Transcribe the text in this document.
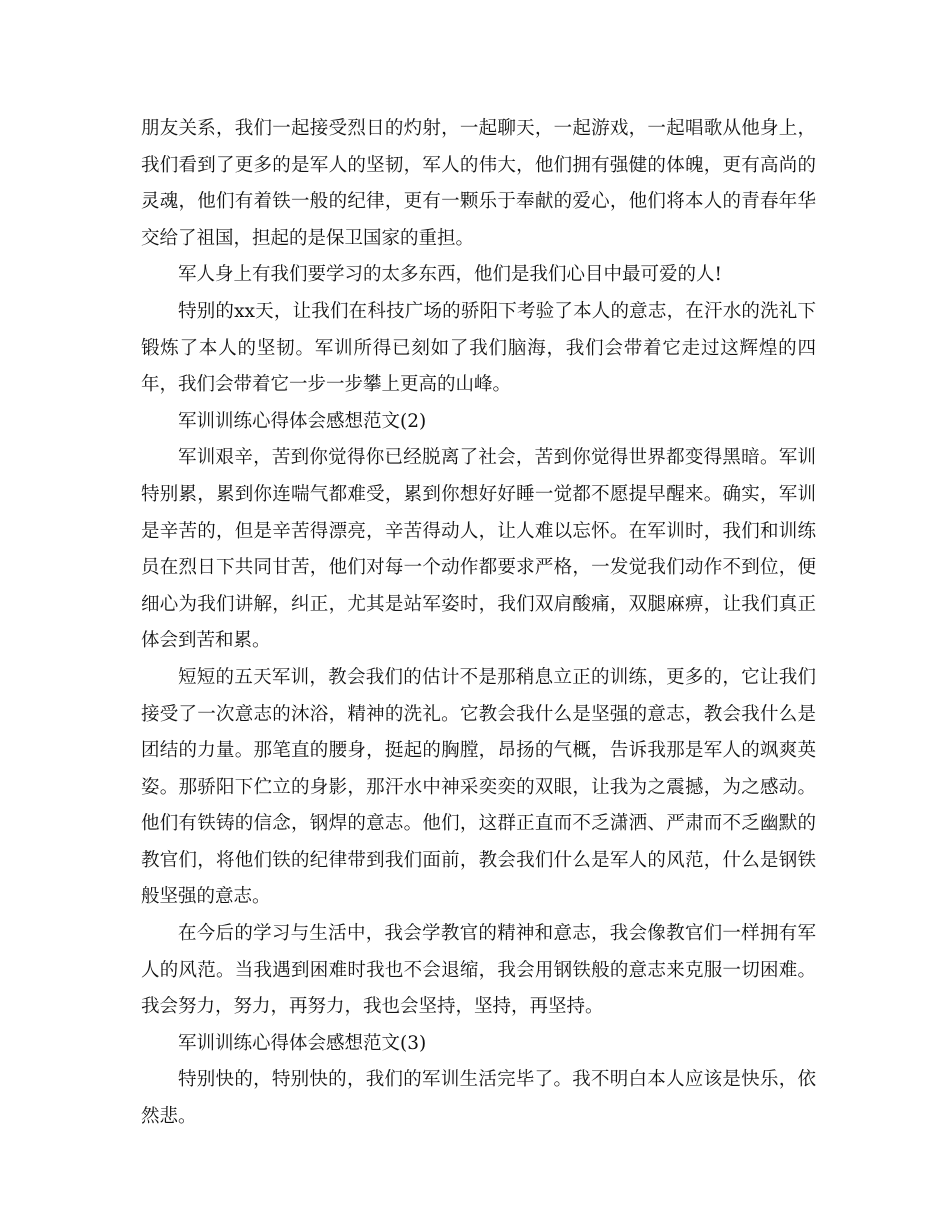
朋友关系，我们一起接受烈日的灼射，一起聊天，一起游戏，一起唱歌从他身上，我们看到了更多的是军人的坚韧，军人的伟大，他们拥有强健的体魄，更有高尚的灵魂，他们有着铁一般的纪律，更有一颗乐于奉献的爱心，他们将本人的青春年华交给了祖国，担起的是保卫国家的重担。

军人身上有我们要学习的太多东西，他们是我们心目中最可爱的人!

特别的xx天，让我们在科技广场的骄阳下考验了本人的意志，在汗水的洗礼下锻炼了本人的坚韧。军训所得已刻如了我们脑海，我们会带着它走过这辉煌的四年，我们会带着它一步一步攀上更高的山峰。

军训训练心得体会感想范文(2)

军训艰辛，苦到你觉得你已经脱离了社会，苦到你觉得世界都变得黑暗。军训特别累，累到你连喘气都难受，累到你想好好睡一觉都不愿提早醒来。确实，军训是辛苦的，但是辛苦得漂亮，辛苦得动人，让人难以忘怀。在军训时，我们和训练员在烈日下共同甘苦，他们对每一个动作都要求严格，一发觉我们动作不到位，便细心为我们讲解，纠正，尤其是站军姿时，我们双肩酸痛，双腿麻痹，让我们真正体会到苦和累。

短短的五天军训，教会我们的估计不是那稍息立正的训练，更多的，它让我们接受了一次意志的沐浴，精神的洗礼。它教会我什么是坚强的意志，教会我什么是团结的力量。那笔直的腰身，挺起的胸膛，昂扬的气概，告诉我那是军人的飒爽英姿。那骄阳下伫立的身影，那汗水中神采奕奕的双眼，让我为之震撼，为之感动。他们有铁铸的信念，钢焊的意志。他们，这群正直而不乏潇洒、严肃而不乏幽默的教官们，将他们铁的纪律带到我们面前，教会我们什么是军人的风范，什么是钢铁般坚强的意志。

在今后的学习与生活中，我会学教官的精神和意志，我会像教官们一样拥有军人的风范。当我遇到困难时我也不会退缩，我会用钢铁般的意志来克服一切困难。我会努力，努力，再努力，我也会坚持，坚持，再坚持。

军训训练心得体会感想范文(3)

特别快的，特别快的，我们的军训生活完毕了。我不明白本人应该是快乐，依然悲。
